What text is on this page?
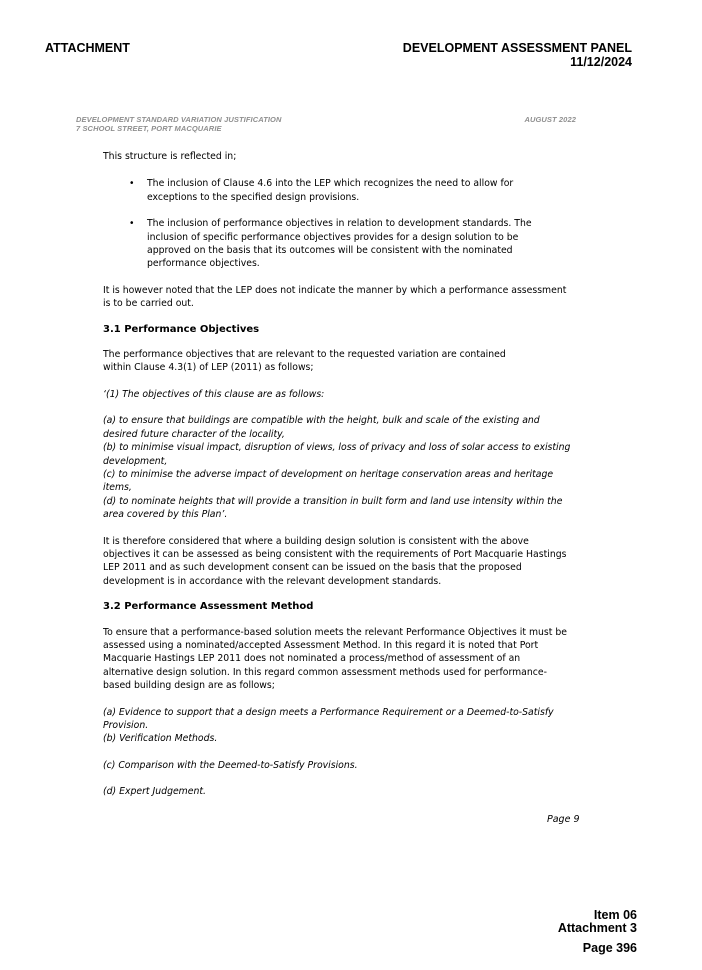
ATTACHMENT	DEVELOPMENT ASSESSMENT PANEL
11/12/2024
DEVELOPMENT STANDARD VARIATION JUSTIFICATION
7 SCHOOL STREET, PORT MACQUARIE
AUGUST 2022

This structure is reflected in;

• The inclusion of Clause 4.6 into the LEP which recognizes the need to allow for exceptions to the specified design provisions.
• The inclusion of performance objectives in relation to development standards. The inclusion of specific performance objectives provides for a design solution to be approved on the basis that its outcomes will be consistent with the nominated performance objectives.

It is however noted that the LEP does not indicate the manner by which a performance assessment is to be carried out.

3.1 Performance Objectives

The performance objectives that are relevant to the requested variation are contained within Clause 4.3(1) of LEP (2011) as follows;

‘(1) The objectives of this clause are as follows:

(a) to ensure that buildings are compatible with the height, bulk and scale of the existing and desired future character of the locality,

(b) to minimise visual impact, disruption of views, loss of privacy and loss of solar access to existing development,

(c) to minimise the adverse impact of development on heritage conservation areas and heritage items,

(d) to nominate heights that will provide a transition in built form and land use intensity within the area covered by this Plan’.

It is therefore considered that where a building design solution is consistent with the above objectives it can be assessed as being consistent with the requirements of Port Macquarie Hastings LEP 2011 and as such development consent can be issued on the basis that the proposed development is in accordance with the relevant development standards.

3.2 Performance Assessment Method

To ensure that a performance-based solution meets the relevant Performance Objectives it must be assessed using a nominated/accepted Assessment Method. In this regard it is noted that Port Macquarie Hastings LEP 2011 does not nominated a process/method of assessment of an alternative design solution. In this regard common assessment methods used for performance-based building design are as follows;

(a) Evidence to support that a design meets a Performance Requirement or a Deemed-to-Satisfy Provision.

(b) Verification Methods.

(c) Comparison with the Deemed-to-Satisfy Provisions.

(d) Expert Judgement.

Page 9
Item 06
Attachment 3
Page 396
